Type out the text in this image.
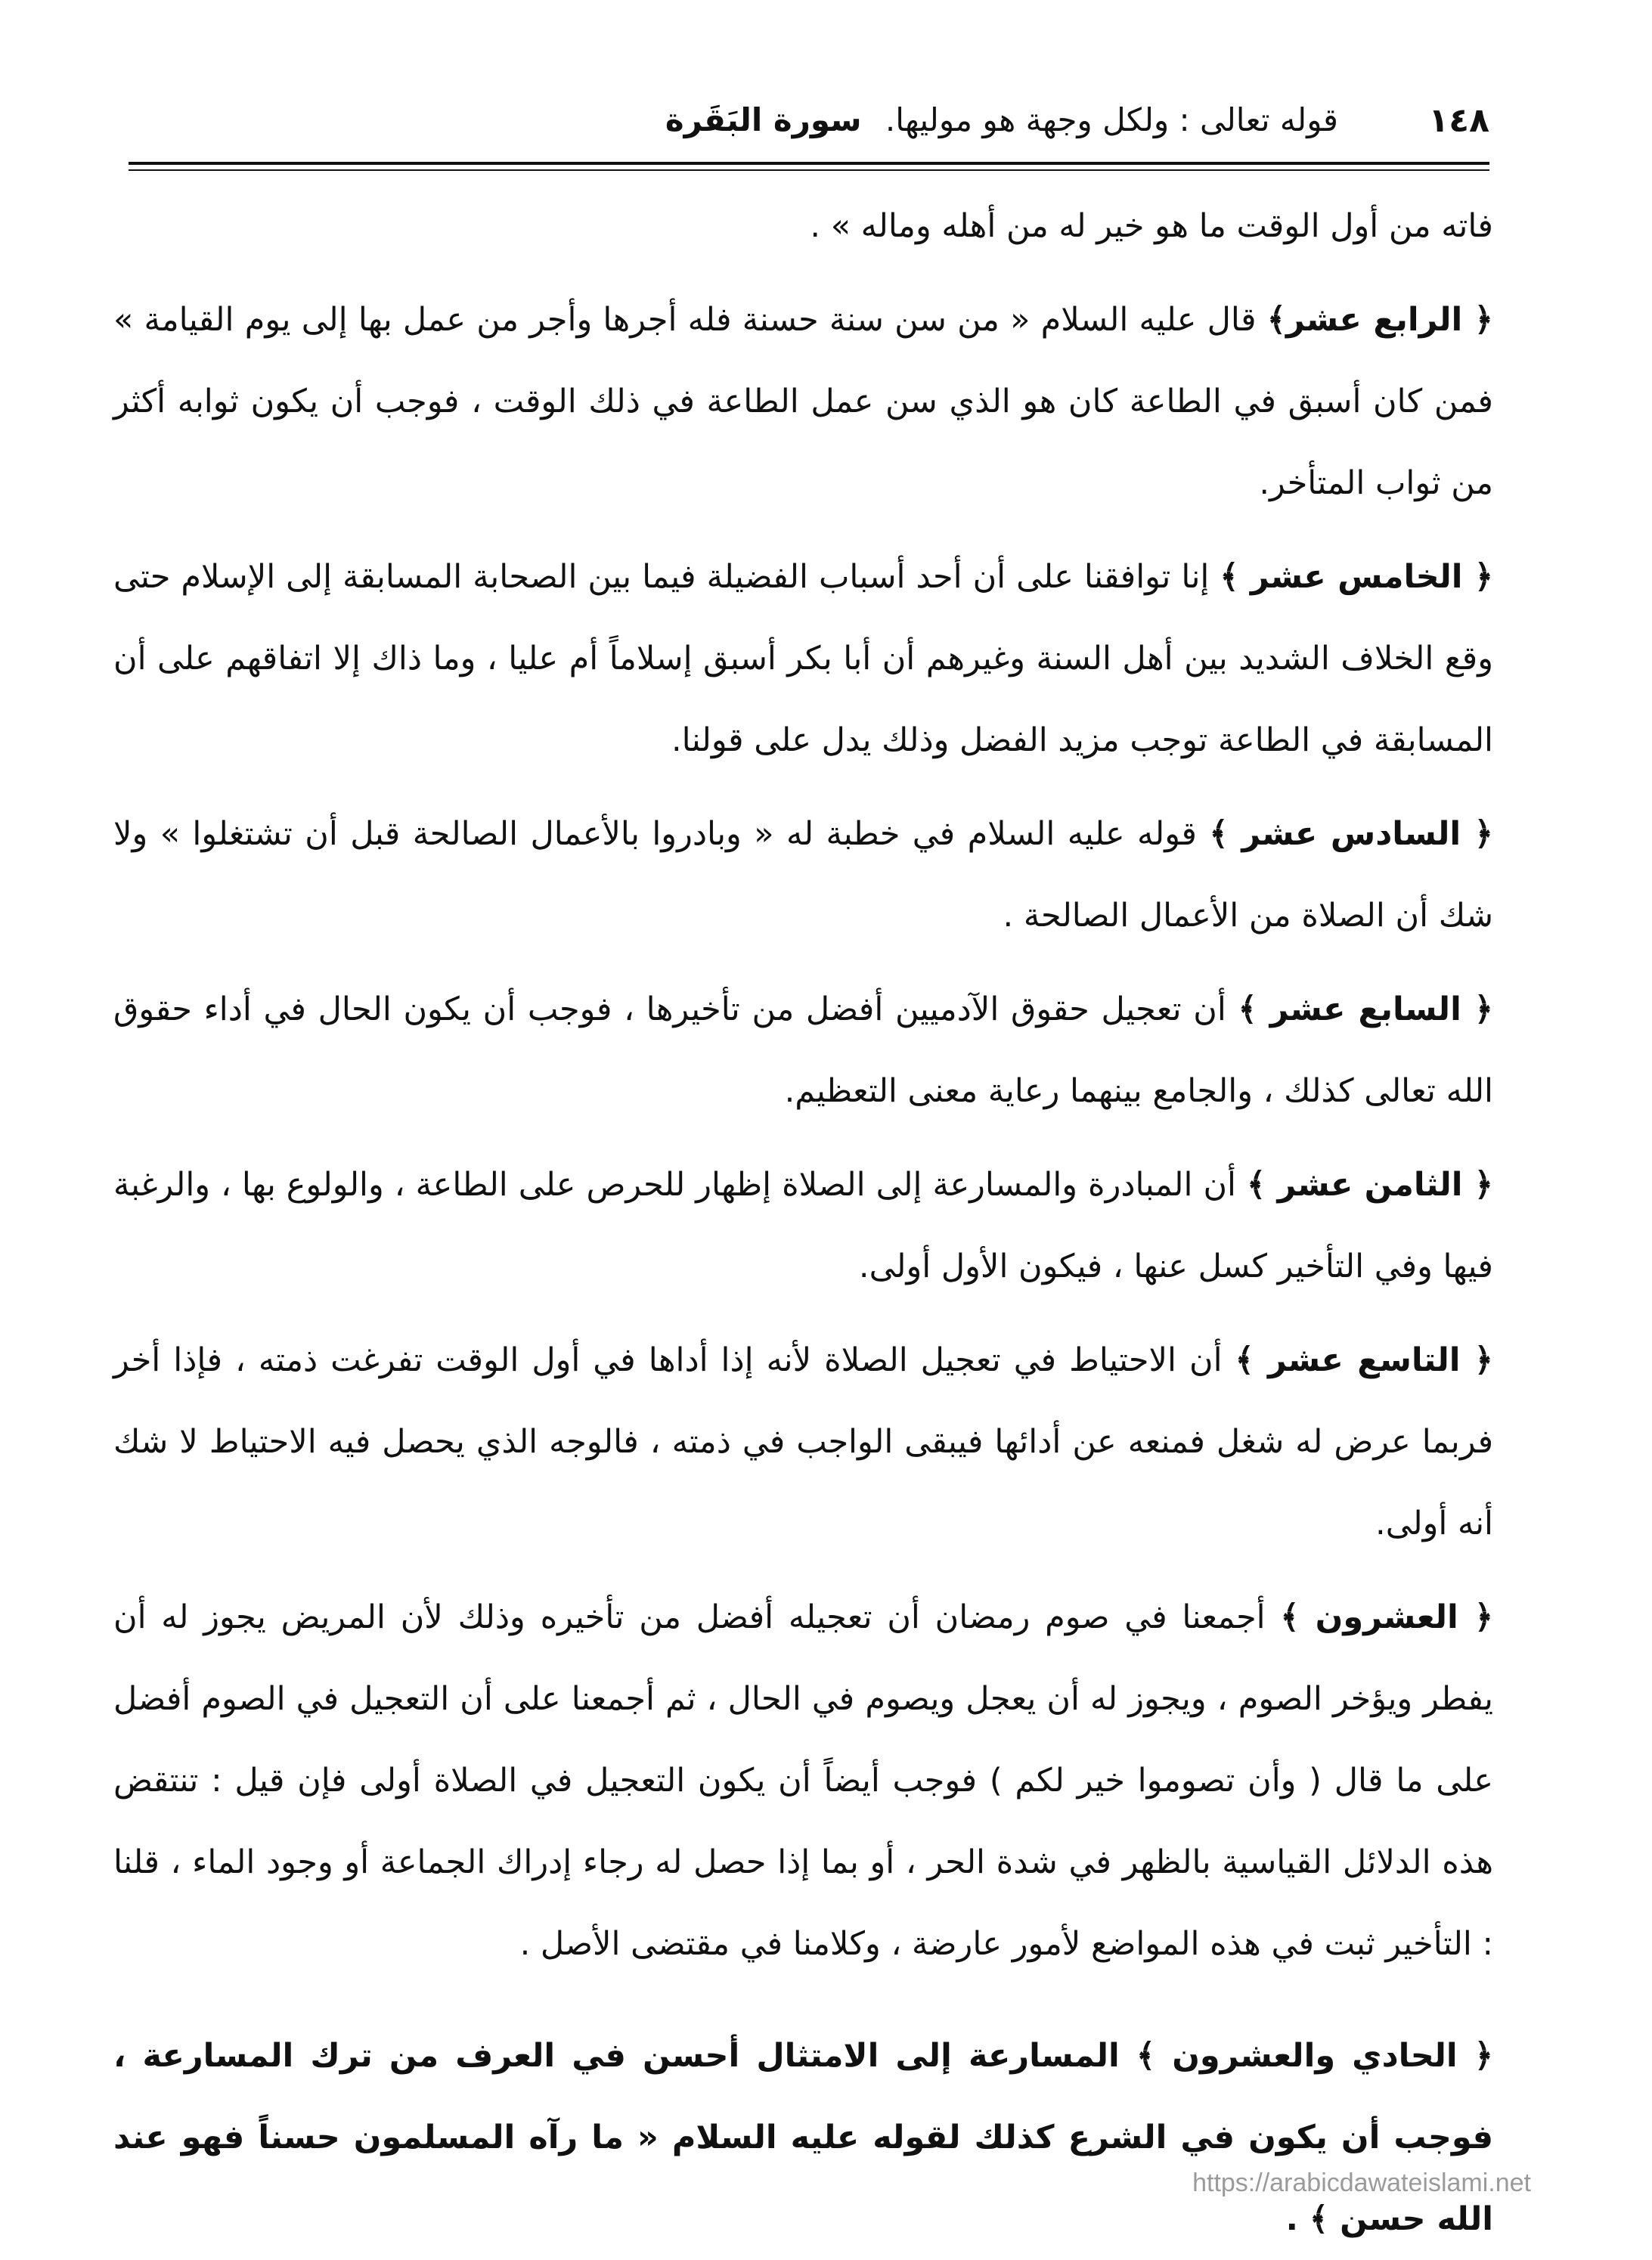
١٤٨
قوله تعالى : ولكل وجهة هو موليها. سورة البَقَرة

فاته من أول الوقت ما هو خير له من أهله وماله » .

﴿ الرابع عشر﴾ قال عليه السلام « من سن سنة حسنة فله أجرها وأجر من عمل بها إلى يوم القيامة » فمن كان أسبق في الطاعة كان هو الذي سن عمل الطاعة في ذلك الوقت ، فوجب أن يكون ثوابه أكثر من ثواب المتأخر.

﴿ الخامس عشر ﴾ إنا توافقنا على أن أحد أسباب الفضيلة فيما بين الصحابة المسابقة إلى الإسلام حتى وقع الخلاف الشديد بين أهل السنة وغيرهم أن أبا بكر أسبق إسلاماً أم عليا ، وما ذاك إلا اتفاقهم على أن المسابقة في الطاعة توجب مزيد الفضل وذلك يدل على قولنا.

﴿ السادس عشر ﴾ قوله عليه السلام في خطبة له « وبادروا بالأعمال الصالحة قبل أن تشتغلوا » ولا شك أن الصلاة من الأعمال الصالحة .

﴿ السابع عشر ﴾ أن تعجيل حقوق الآدميين أفضل من تأخيرها ، فوجب أن يكون الحال في أداء حقوق الله تعالى كذلك ، والجامع بينهما رعاية معنى التعظيم.

﴿ الثامن عشر ﴾ أن المبادرة والمسارعة إلى الصلاة إظهار للحرص على الطاعة ، والولوع بها ، والرغبة فيها وفي التأخير كسل عنها ، فيكون الأول أولى.

﴿ التاسع عشر ﴾ أن الاحتياط في تعجيل الصلاة لأنه إذا أداها في أول الوقت تفرغت ذمته ، فإذا أخر فربما عرض له شغل فمنعه عن أدائها فيبقى الواجب في ذمته ، فالوجه الذي يحصل فيه الاحتياط لا شك أنه أولى.

﴿ العشرون ﴾ أجمعنا في صوم رمضان أن تعجيله أفضل من تأخيره وذلك لأن المريض يجوز له أن يفطر ويؤخر الصوم ، ويجوز له أن يعجل ويصوم في الحال ، ثم أجمعنا على أن التعجيل في الصوم أفضل على ما قال ( وأن تصوموا خير لكم ) فوجب أيضاً أن يكون التعجيل في الصلاة أولى فإن قيل : تنتقض هذه الدلائل القياسية بالظهر في شدة الحر ، أو بما إذا حصل له رجاء إدراك الجماعة أو وجود الماء ، قلنا : التأخير ثبت في هذه المواضع لأمور عارضة ، وكلامنا في مقتضى الأصل .

﴿ الحادي والعشرون ﴾ المسارعة إلى الامتثال أحسن في العرف من ترك المسارعة ، فوجب أن يكون في الشرع كذلك لقوله عليه السلام « ما رآه المسلمون حسناً فهو عند الله حسن ﴾ .

https://arabicdawateislami.net
